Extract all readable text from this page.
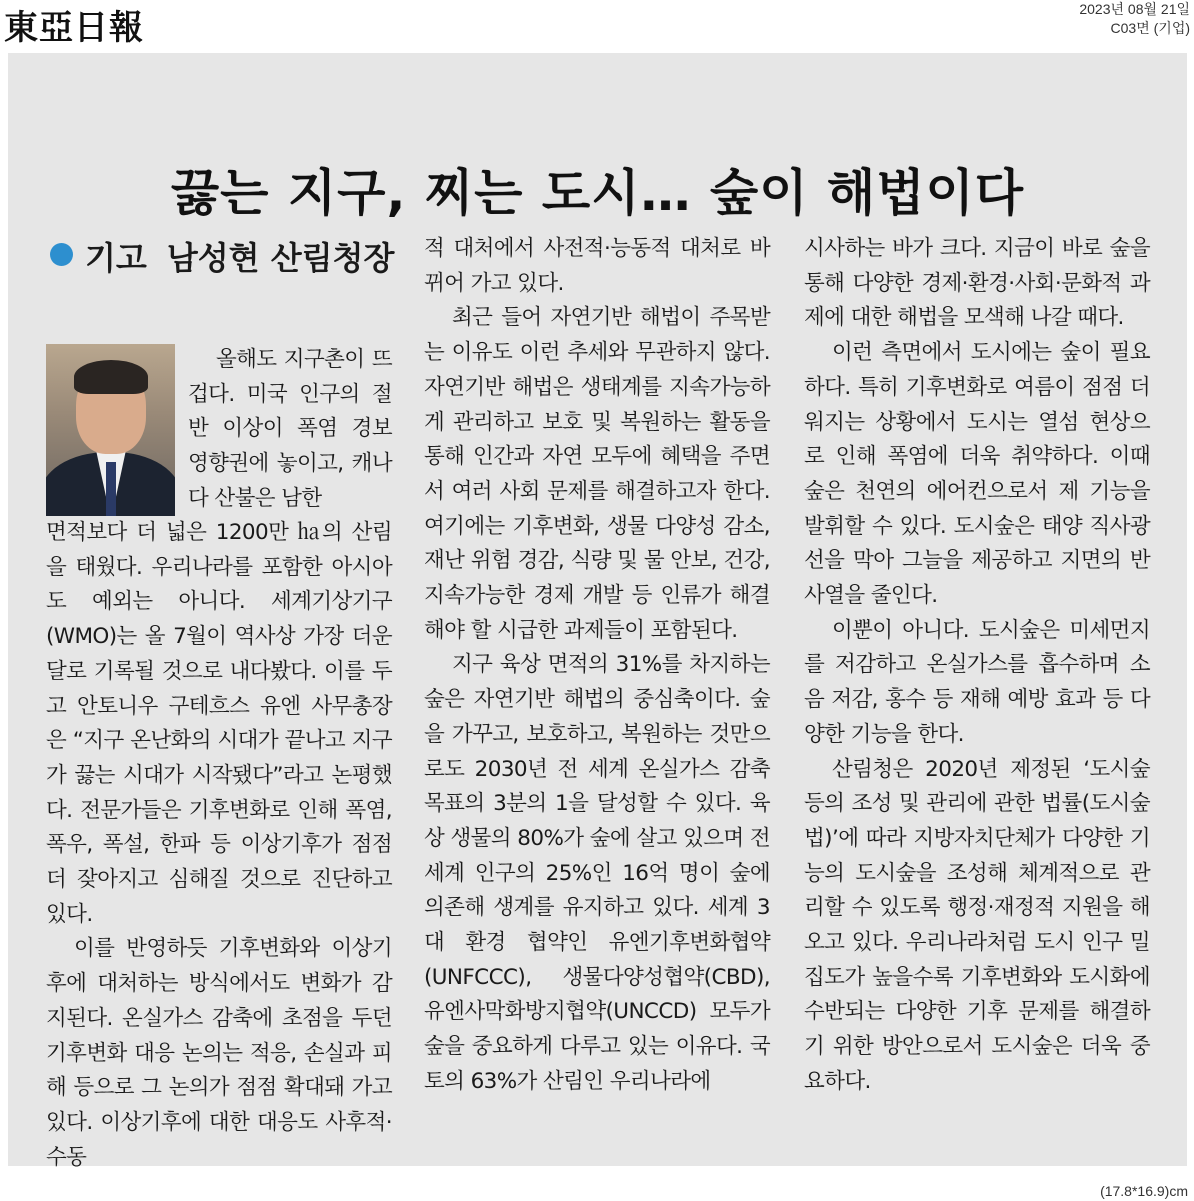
東亞日報	2023년 08월 21일
C03면 (기업)
끓는 지구, 찌는 도시… 숲이 해법이다
기고 남성현 산림청장

올해도 지구촌이 뜨겁다. 미국 인구의 절반 이상이 폭염 경보 영향권에 놓이고, 캐나다 산불은 남한

면적보다 더 넓은 1200만 ㏊의 산림을 태웠다. 우리나라를 포함한 아시아도 예외는 아니다. 세계기상기구(WMO)는 올 7월이 역사상 가장 더운 달로 기록될 것으로 내다봤다. 이를 두고 안토니우 구테흐스 유엔 사무총장은 “지구 온난화의 시대가 끝나고 지구가 끓는 시대가 시작됐다”라고 논평했다. 전문가들은 기후변화로 인해 폭염, 폭우, 폭설, 한파 등 이상기후가 점점 더 잦아지고 심해질 것으로 진단하고 있다.

이를 반영하듯 기후변화와 이상기후에 대처하는 방식에서도 변화가 감지된다. 온실가스 감축에 초점을 두던 기후변화 대응 논의는 적응, 손실과 피해 등으로 그 논의가 점점 확대돼 가고 있다. 이상기후에 대한 대응도 사후적·수동

적 대처에서 사전적·능동적 대처로 바뀌어 가고 있다.

최근 들어 자연기반 해법이 주목받는 이유도 이런 추세와 무관하지 않다. 자연기반 해법은 생태계를 지속가능하게 관리하고 보호 및 복원하는 활동을 통해 인간과 자연 모두에 혜택을 주면서 여러 사회 문제를 해결하고자 한다. 여기에는 기후변화, 생물 다양성 감소, 재난 위험 경감, 식량 및 물 안보, 건강, 지속가능한 경제 개발 등 인류가 해결해야 할 시급한 과제들이 포함된다.

지구 육상 면적의 31%를 차지하는 숲은 자연기반 해법의 중심축이다. 숲을 가꾸고, 보호하고, 복원하는 것만으로도 2030년 전 세계 온실가스 감축 목표의 3분의 1을 달성할 수 있다. 육상 생물의 80%가 숲에 살고 있으며 전 세계 인구의 25%인 16억 명이 숲에 의존해 생계를 유지하고 있다. 세계 3대 환경 협약인 유엔기후변화협약(UNFCCC), 생물다양성협약(CBD), 유엔사막화방지협약(UNCCD) 모두가 숲을 중요하게 다루고 있는 이유다. 국토의 63%가 산림인 우리나라에

시사하는 바가 크다. 지금이 바로 숲을 통해 다양한 경제·환경·사회·문화적 과제에 대한 해법을 모색해 나갈 때다.

이런 측면에서 도시에는 숲이 필요하다. 특히 기후변화로 여름이 점점 더워지는 상황에서 도시는 열섬 현상으로 인해 폭염에 더욱 취약하다. 이때 숲은 천연의 에어컨으로서 제 기능을 발휘할 수 있다. 도시숲은 태양 직사광선을 막아 그늘을 제공하고 지면의 반사열을 줄인다.

이뿐이 아니다. 도시숲은 미세먼지를 저감하고 온실가스를 흡수하며 소음 저감, 홍수 등 재해 예방 효과 등 다양한 기능을 한다.

산림청은 2020년 제정된 ‘도시숲 등의 조성 및 관리에 관한 법률(도시숲법)’에 따라 지방자치단체가 다양한 기능의 도시숲을 조성해 체계적으로 관리할 수 있도록 행정·재정적 지원을 해 오고 있다. 우리나라처럼 도시 인구 밀집도가 높을수록 기후변화와 도시화에 수반되는 다양한 기후 문제를 해결하기 위한 방안으로서 도시숲은 더욱 중요하다.

(17.8*16.9)cm
